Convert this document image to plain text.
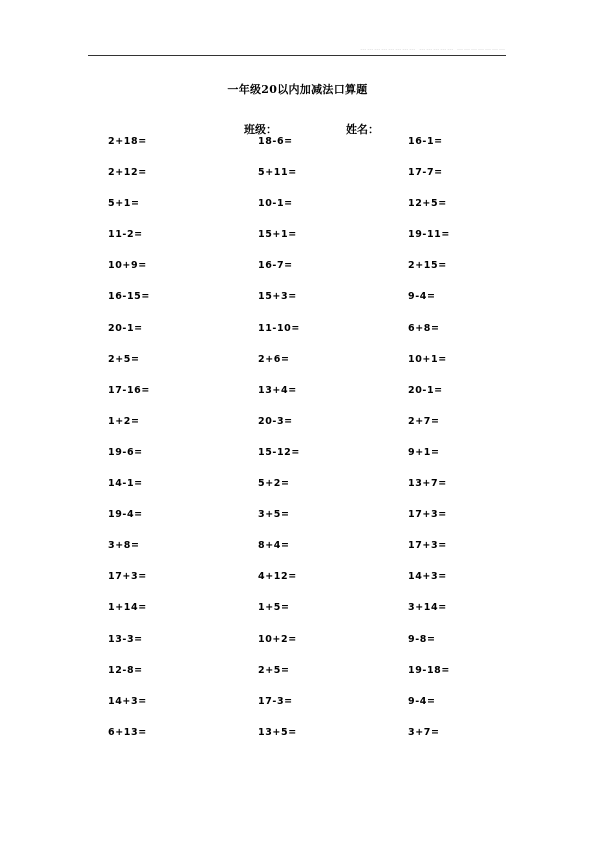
…………………… …………… …………………
一年级20以内加减法口算题
班级：	姓名：
2+18=	18-6=	16-1=
2+12=	5+11=	17-7=
5+1=	10-1=	12+5=
11-2=	15+1=	19-11=
10+9=	16-7=	2+15=
16-15=	15+3=	9-4=
20-1=	11-10=	6+8=
2+5=	2+6=	10+1=
17-16=	13+4=	20-1=
1+2=	20-3=	2+7=
19-6=	15-12=	9+1=
14-1=	5+2=	13+7=
19-4=	3+5=	17+3=
3+8=	8+4=	17+3=
17+3=	4+12=	14+3=
1+14=	1+5=	3+14=
13-3=	10+2=	9-8=
12-8=	2+5=	19-18=
14+3=	17-3=	9-4=
6+13=	13+5=	3+7=
